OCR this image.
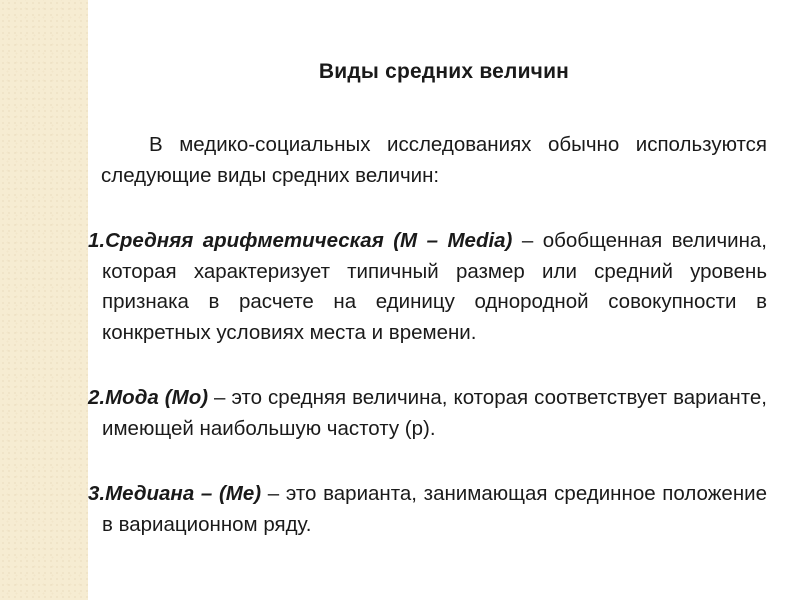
Виды средних величин
В медико-социальных исследованиях обычно используются следующие виды средних величин:
1.Средняя арифметическая (М – Media) – обобщенная величина, которая характеризует типичный размер или средний уровень признака в расчете на единицу однородной совокупности в конкретных условиях места и времени.
2.Мода (Мо) – это средняя величина, которая соответствует варианте, имеющей наибольшую частоту (р).
3.Медиана – (Ме) – это варианта, занимающая срединное положение в вариационном ряду.
